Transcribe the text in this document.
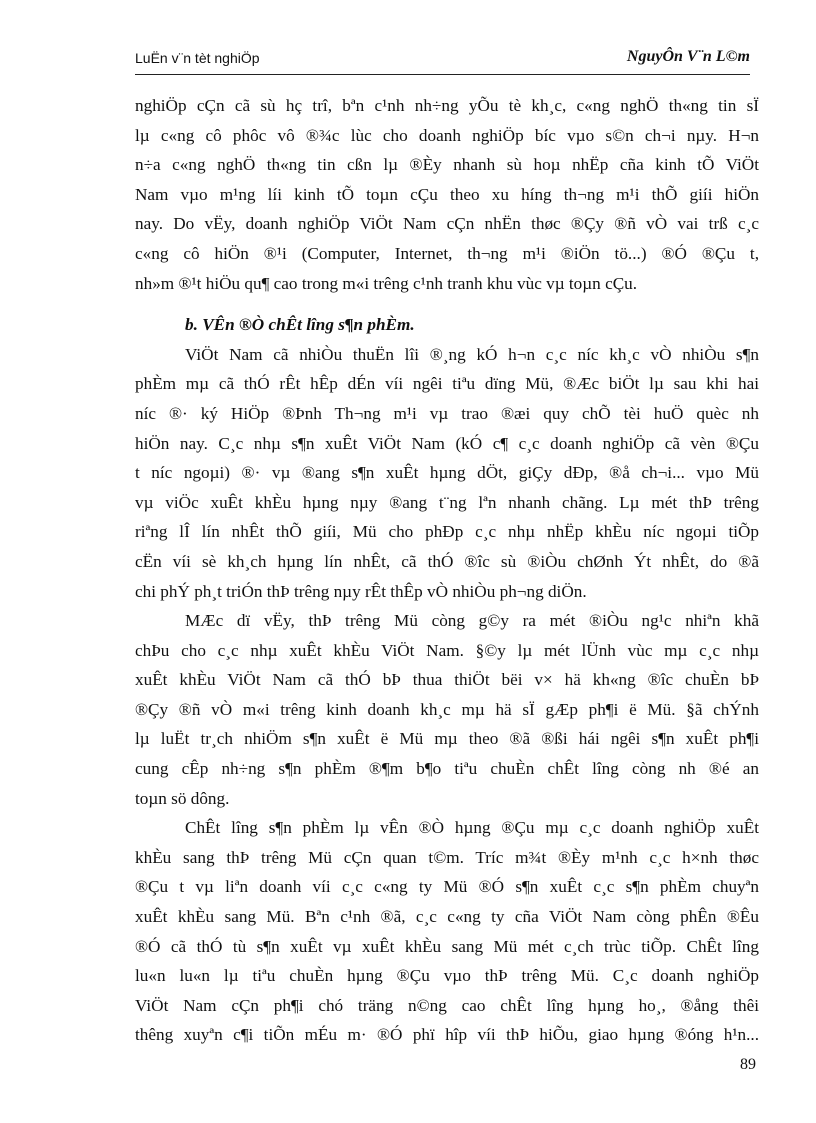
LuËn v¨n tèt nghiÖp	NguyÔn V¨n L©m

nghiÖp cÇn cã sù hç trî, bªn c¹nh nh÷ng yÕu tè kh¸c, c«ng nghÖ th«ng tin sÏ
lµ c«ng cô phôc vô ®¾c lùc cho doanh nghiÖp bíc vµo s©n ch¬i nµy. H¬n
n÷a c«ng nghÖ th«ng tin cßn lµ ®Èy nhanh sù hoµ nhËp cña kinh tÕ ViÖt
Nam vµo m¹ng líi kinh tÕ toµn cÇu theo xu híng th¬ng m¹i thÕ giíi hiÖn
nay. Do vËy, doanh nghiÖp ViÖt Nam cÇn nhËn thøc ®Çy ®ñ vÒ vai trß c¸c
c«ng cô hiÖn ®¹i (Computer, Internet, th¬ng m¹i ®iÖn tö...) ®Ó ®Çu t,
nh»m ®¹t hiÖu qu¶ cao trong m«i trêng c¹nh tranh khu vùc vµ toµn cÇu.

b. VÊn ®Ò chÊt lîng s¶n phÈm.

ViÖt Nam cã nhiÒu thuËn lîi ®¸ng kÓ h¬n c¸c níc kh¸c vÒ nhiÒu s¶n
phÈm mµ cã thÓ rÊt hÊp dÉn víi ngêi tiªu dïng Mü, ®Æc biÖt lµ sau khi hai
níc ®· ký HiÖp ®Þnh Th¬ng m¹i vµ trao ®æi quy chÕ tèi huÖ quèc nh
hiÖn nay. C¸c nhµ s¶n xuÊt ViÖt Nam (kÓ c¶ c¸c doanh nghiÖp cã vèn ®Çu
t níc ngoµi) ®· vµ ®ang s¶n xuÊt hµng dÖt, giÇy dÐp, ®å ch¬i... vµo Mü
vµ viÖc xuÊt khÈu hµng nµy ®ang t¨ng lªn nhanh chãng. Lµ mét thÞ trêng
riªng lÎ lín nhÊt thÕ giíi, Mü cho phÐp c¸c nhµ nhËp khÈu níc ngoµi tiÕp
cËn víi sè kh¸ch hµng lín nhÊt, cã thÓ ®îc sù ®iÒu chØnh Ýt nhÊt, do ®ã
chi phÝ ph¸t triÓn thÞ trêng nµy rÊt thÊp vÒ nhiÒu ph¬ng diÖn.

MÆc dï vËy, thÞ trêng Mü còng g©y ra mét ®iÒu ng¹c nhiªn khã
chÞu cho c¸c nhµ xuÊt khÈu ViÖt Nam. §©y lµ mét lÜnh vùc mµ c¸c nhµ
xuÊt khÈu ViÖt Nam cã thÓ bÞ thua thiÖt bëi v× hä kh«ng ®îc chuÈn bÞ
®Çy ®ñ vÒ m«i trêng kinh doanh kh¸c mµ hä sÏ gÆp ph¶i ë Mü. §ã chÝnh
lµ luËt tr¸ch nhiÖm s¶n xuÊt ë Mü mµ theo ®ã ®ßi hái ngêi s¶n xuÊt ph¶i
cung cÊp nh÷ng s¶n phÈm ®¶m b¶o tiªu chuÈn chÊt lîng còng nh ®é an
toµn sö dông.

ChÊt lîng s¶n phÈm lµ vÊn ®Ò hµng ®Çu mµ c¸c doanh nghiÖp xuÊt
khÈu sang thÞ trêng Mü cÇn quan t©m. Tríc m¾t ®Èy m¹nh c¸c h×nh thøc
®Çu t vµ liªn doanh víi c¸c c«ng ty Mü ®Ó s¶n xuÊt c¸c s¶n phÈm chuyªn
xuÊt khÈu sang Mü. Bªn c¹nh ®ã, c¸c c«ng ty cña ViÖt Nam còng phÊn ®Êu
®Ó cã thÓ tù s¶n xuÊt vµ xuÊt khÈu sang Mü mét c¸ch trùc tiÕp. ChÊt lîng
lu«n lu«n lµ tiªu chuÈn hµng ®Çu vµo thÞ trêng Mü. C¸c doanh nghiÖp
ViÖt Nam cÇn ph¶i chó träng n©ng cao chÊt lîng hµng ho¸, ®ång thêi
thêng xuyªn c¶i tiÕn mÉu m· ®Ó phï hîp víi thÞ hiÕu, giao hµng ®óng h¹n...

89
